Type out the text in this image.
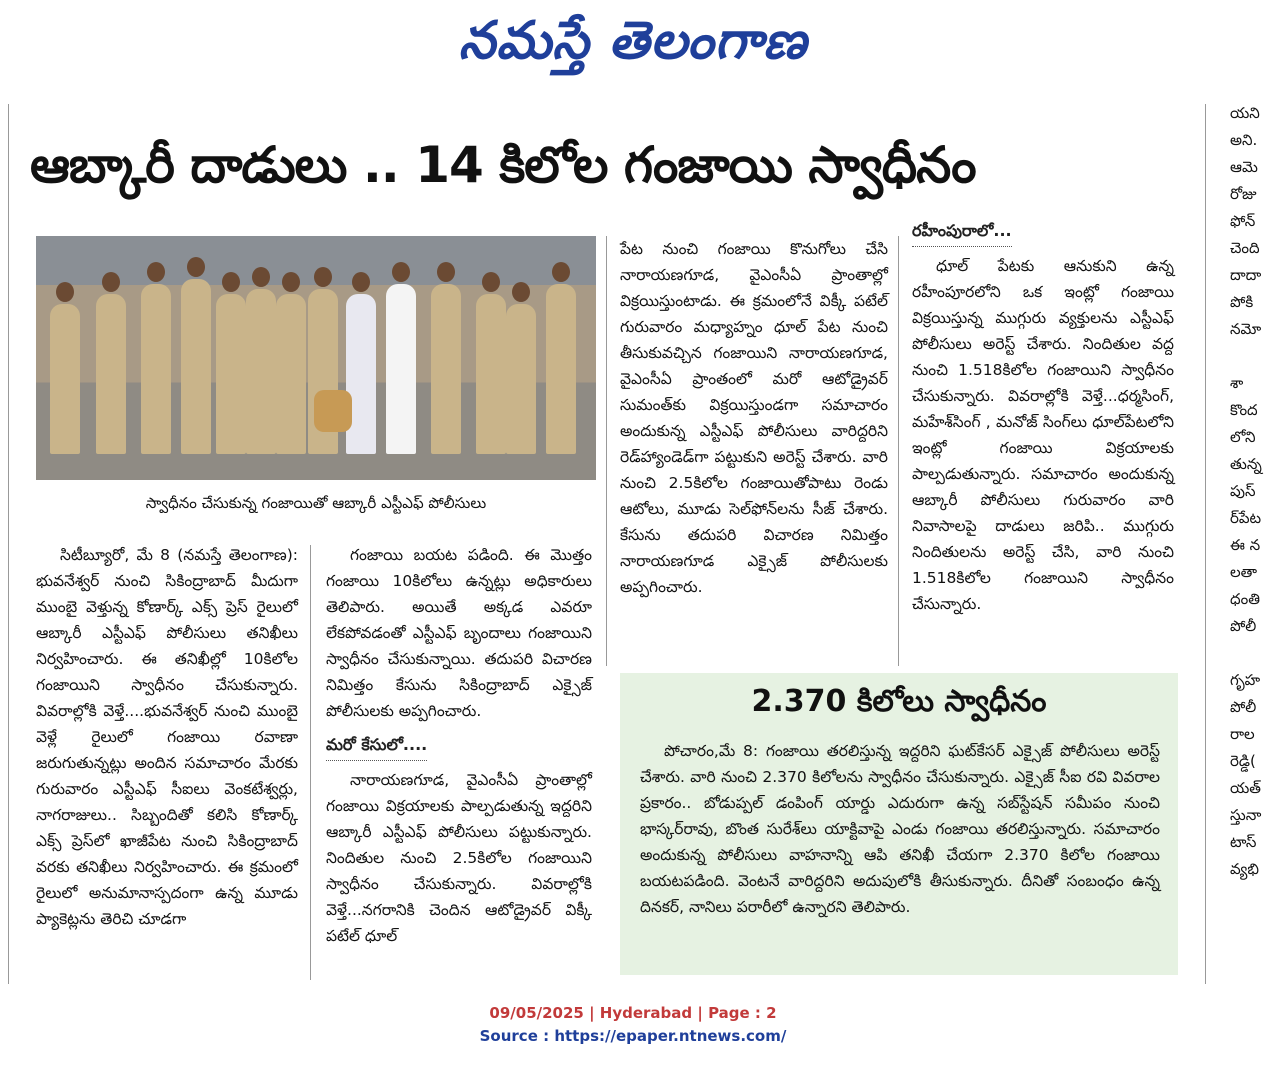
నమస్తే తెలంగాణ
ఆబ్కారీ దాడులు .. 14 కిలోల గంజాయి స్వాధీనం
స్వాధీనం చేసుకున్న గంజాయితో ఆబ్కారీ ఎస్టీఎఫ్ పోలీసులు

సిటీబ్యూరో, మే 8 (నమస్తే తెలంగాణ): భువనేశ్వర్ నుంచి సికింద్రాబాద్ మీదుగా ముంబై వెళ్తున్న కోణార్క్ ఎక్స్ ప్రెస్ రైలులో ఆబ్కారీ ఎస్టీఎఫ్ పోలీసులు తనిఖీలు నిర్వహించారు. ఈ తనిఖీల్లో 10కిలోల గంజాయిని స్వాధీనం చేసుకున్నారు. వివరాల్లోకి వెళ్తే....భువనేశ్వర్ నుంచి ముంబై వెళ్లే రైలులో గంజాయి రవాణా జరుగుతున్నట్లు అందిన సమాచారం మేరకు గురువారం ఎస్టీఎఫ్ సీఐలు వెంకటేశ్వర్లు, నాగరాజులు.. సిబ్బందితో కలిసి కోణార్క్ ఎక్స్ ప్రెస్‌లో ఖాజీపేట నుంచి సికింద్రాబాద్ వరకు తనిఖీలు నిర్వహించారు. ఈ క్రమంలో రైలులో అనుమానాస్పదంగా ఉన్న మూడు ప్యాకెట్లను తెరిచి చూడగా

గంజాయి బయట పడింది. ఈ మొత్తం గంజాయి 10కిలోలు ఉన్నట్లు అధికారులు తెలిపారు. అయితే అక్కడ ఎవరూ లేకపోవడంతో ఎస్టీఎఫ్ బృందాలు గంజాయిని స్వాధీనం చేసుకున్నాయి. తదుపరి విచారణ నిమిత్తం కేసును సికింద్రాబాద్ ఎక్సైజ్ పోలీసులకు అప్పగించారు.

మరో కేసులో....

నారాయణగూడ, వైఎంసీఏ ప్రాంతాల్లో గంజాయి విక్రయాలకు పాల్పడుతున్న ఇద్దరిని ఆబ్కారీ ఎస్టీఎఫ్ పోలీసులు పట్టుకున్నారు. నిందితుల నుంచి 2.5కిలోల గంజాయిని స్వాధీనం చేసుకున్నారు. వివరాల్లోకి వెళ్తే...నగరానికి చెందిన ఆటోడ్రైవర్ విక్కీ పటేల్ ధూల్

పేట నుంచి గంజాయి కొనుగోలు చేసి నారాయణగూడ, వైఎంసీఏ ప్రాంతాల్లో విక్రయిస్తుంటాడు. ఈ క్రమంలోనే విక్కీ పటేల్ గురువారం మధ్యాహ్నం ధూల్ పేట నుంచి తీసుకువచ్చిన గంజాయిని నారాయణగూడ, వైఎంసీఏ ప్రాంతంలో మరో ఆటోడ్రైవర్ సుమంత్‌కు విక్రయిస్తుండగా సమాచారం అందుకున్న ఎస్టీఎఫ్ పోలీసులు వారిద్దరిని రెడ్‌హ్యాండెడ్‌గా పట్టుకుని అరెస్ట్ చేశారు. వారి నుంచి 2.5కిలోల గంజాయితోపాటు రెండు ఆటోలు, మూడు సెల్‌ఫోన్‌లను సీజ్ చేశారు. కేసును తదుపరి విచారణ నిమిత్తం నారాయణగూడ ఎక్సైజ్ పోలీసులకు అప్పగించారు.

రహీంపురాలో...

ధూల్ పేటకు ఆనుకుని ఉన్న రహీంపూరలోని ఒక ఇంట్లో గంజాయి విక్రయిస్తున్న ముగ్గురు వ్యక్తులను ఎస్టీఎఫ్ పోలీసులు అరెస్ట్ చేశారు. నిందితుల వద్ద నుంచి 1.518కిలోల గంజాయిని స్వాధీనం చేసుకున్నారు. వివరాల్లోకి వెళ్తే...ధర్మసింగ్, మహేశ్‌సింగ్ , మనోజ్ సింగ్‌లు ధూల్‌పేటలోని ఇంట్లో గంజాయి విక్రయాలకు పాల్పడుతున్నారు. సమాచారం అందుకున్న ఆబ్కారీ పోలీసులు గురువారం వారి నివాసాలపై దాడులు జరిపి.. ముగ్గురు నిందితులను అరెస్ట్ చేసి, వారి నుంచి 1.518కిలోల గంజాయిని స్వాధీనం చేసున్నారు.

2.370 కిలోలు స్వాధీనం

పోచారం,మే 8: గంజాయి తరలిస్తున్న ఇద్దరిని ఘట్‌కేసర్ ఎక్సైజ్ పోలీసులు అరెస్ట్ చేశారు. వారి నుంచి 2.370 కిలోలను స్వాధీనం చేసుకున్నారు. ఎక్సైజ్ సీఐ రవి వివరాల ప్రకారం.. బోడుప్పల్ డంపింగ్ యార్డు ఎదురుగా ఉన్న సబ్‌స్టేషన్ సమీపం నుంచి భాస్కర్‌రావు, బొంత సురేశ్‌లు యాక్టివాపై ఎండు గంజాయి తరలిస్తున్నారు. సమాచారం అందుకున్న పోలీసులు వాహనాన్ని ఆపి తనిఖీ చేయగా 2.370 కిలోల గంజాయి బయటపడింది. వెంటనే వారిద్దరిని అదుపులోకి తీసుకున్నారు. దీనితో సంబంధం ఉన్న దినకర్, నానిలు పరారీలో ఉన్నారని తెలిపారు.

యని
అని.
ఆమె
రోజు
ఫోన్
చెంది
దాదా
పోకి
నమో

శా
కొంద
లోని
తున్న
పుస్
ర్‌పేట
ఈ న
లతా
ధంతి
పోలీ

గృహ
పోలీ
రాల
రెడ్డి(
యత్
స్తునా
టాస్
వ్యభి
09/05/2025 | Hyderabad | Page : 2
Source : https://epaper.ntnews.com/
